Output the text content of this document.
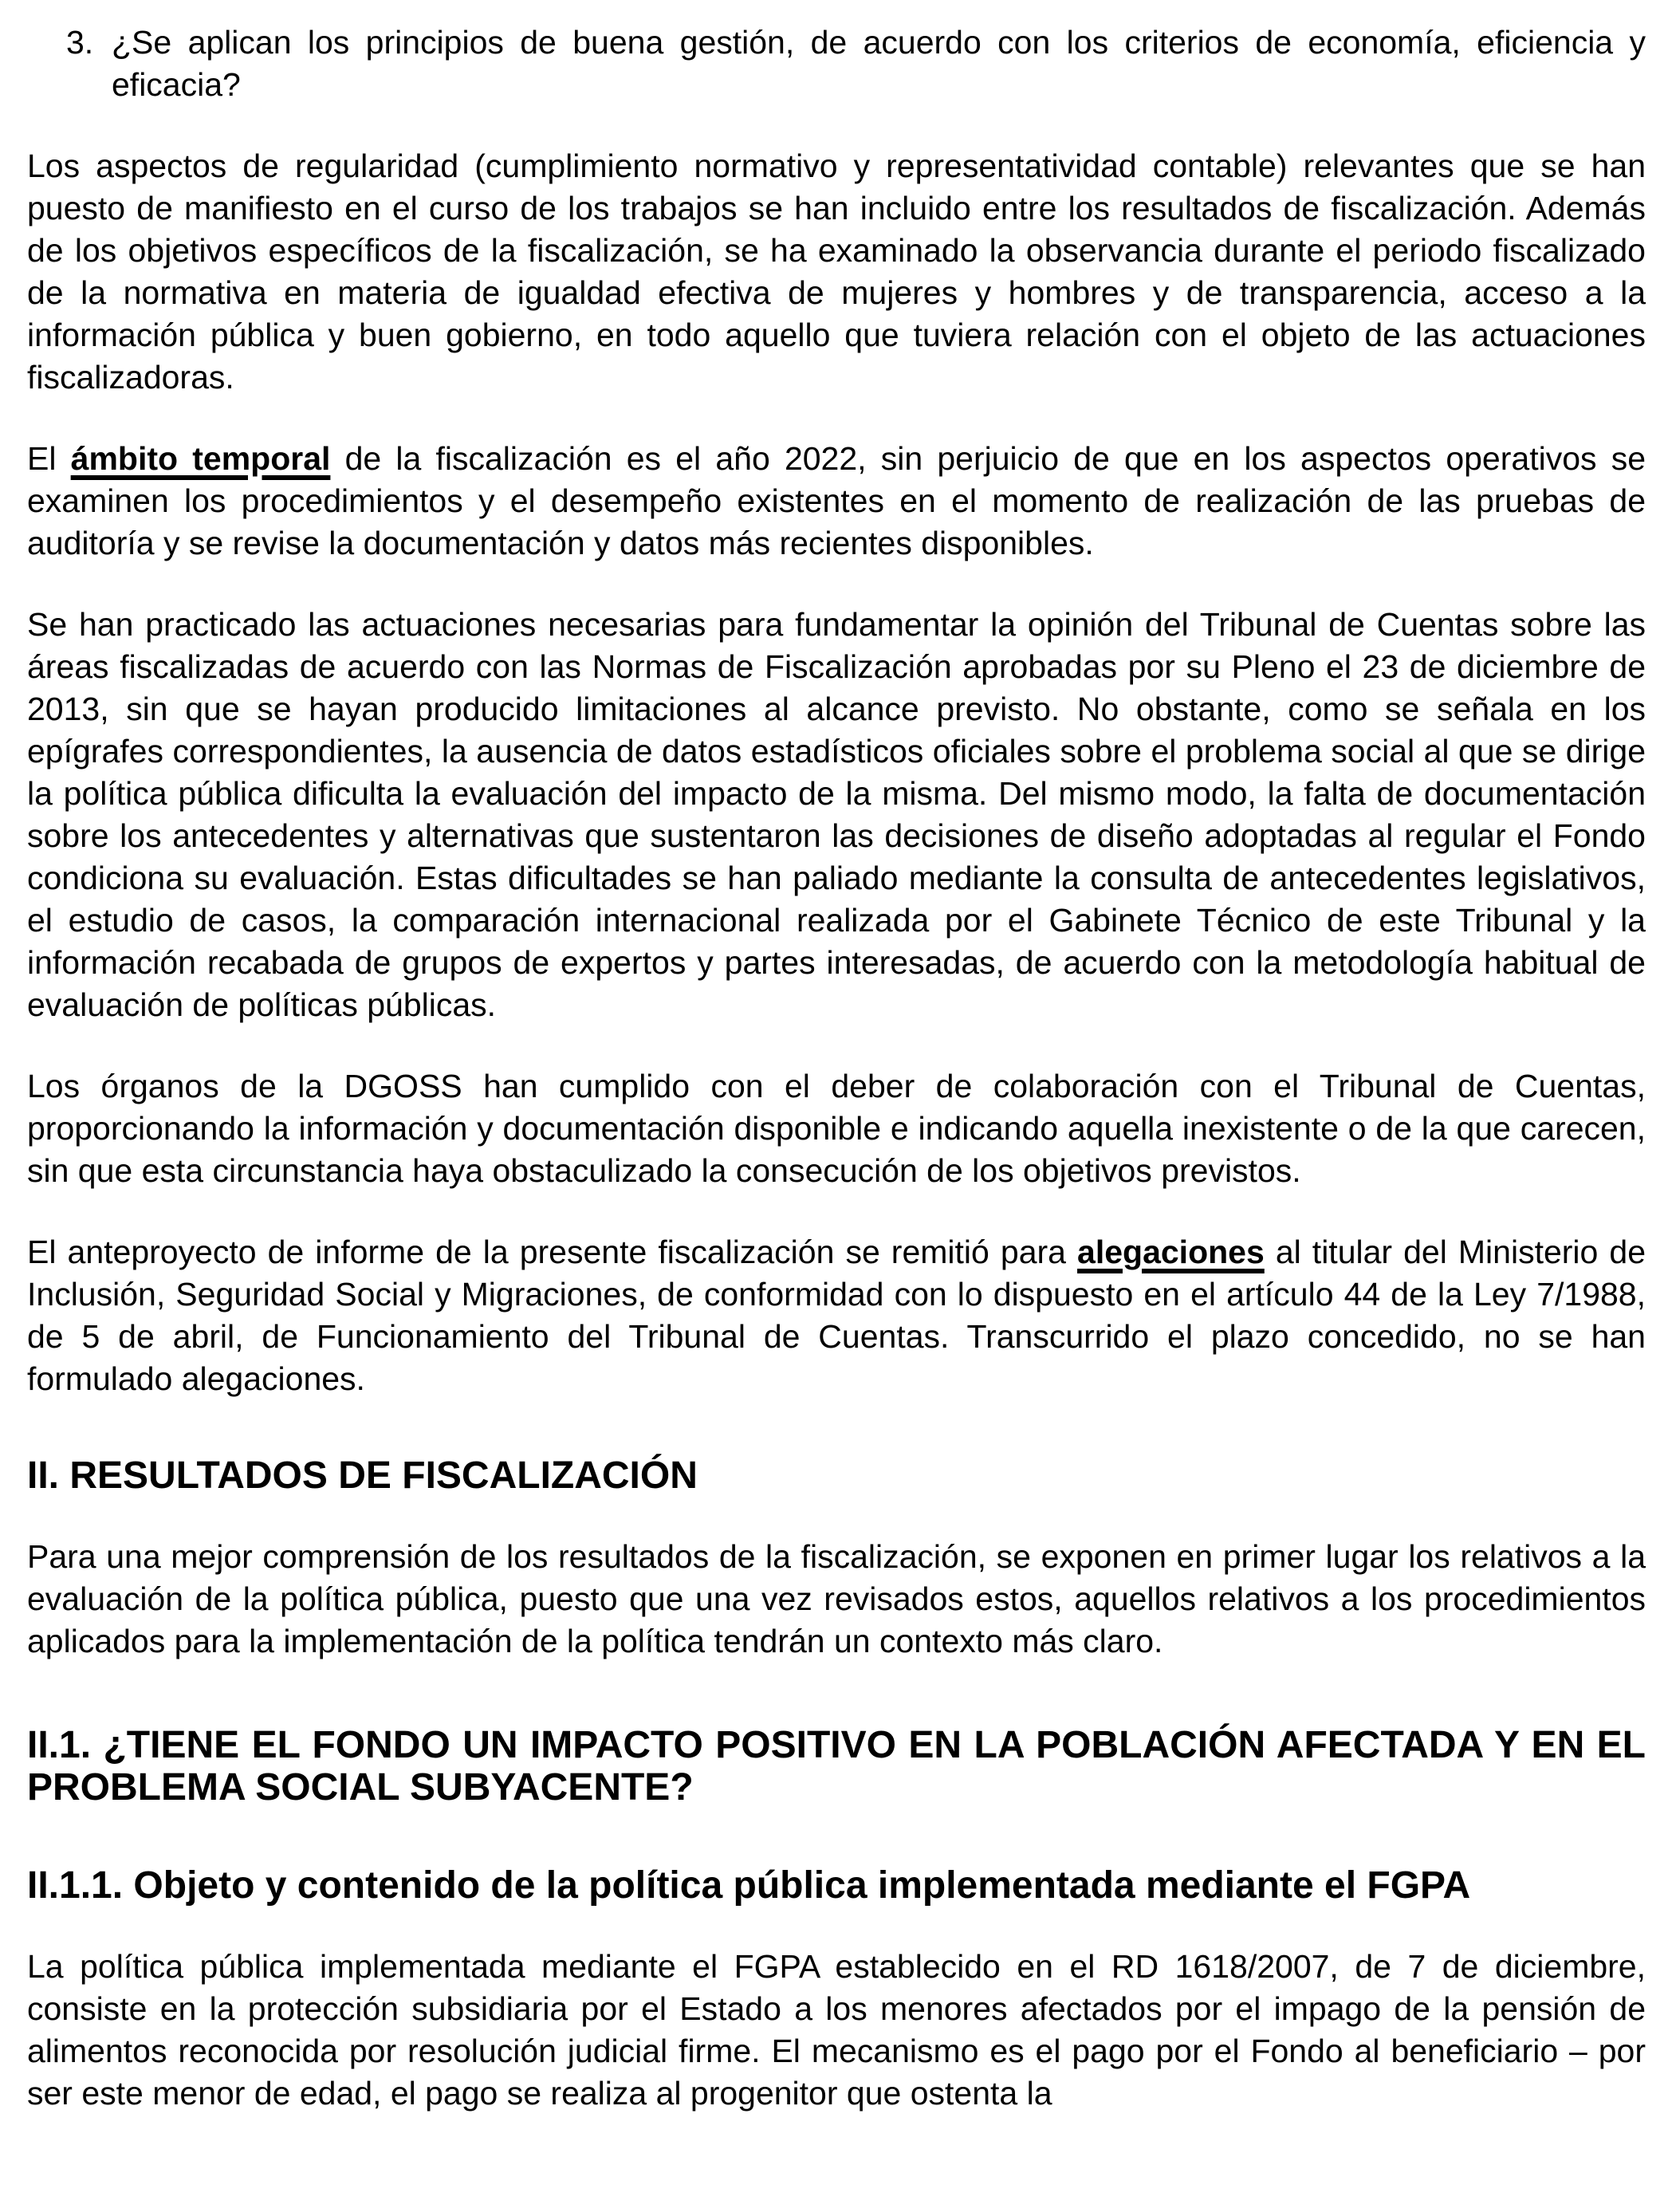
3. ¿Se aplican los principios de buena gestión, de acuerdo con los criterios de economía, eficiencia y eficacia?

Los aspectos de regularidad (cumplimiento normativo y representatividad contable) relevantes que se han puesto de manifiesto en el curso de los trabajos se han incluido entre los resultados de fiscalización. Además de los objetivos específicos de la fiscalización, se ha examinado la observancia durante el periodo fiscalizado de la normativa en materia de igualdad efectiva de mujeres y hombres y de transparencia, acceso a la información pública y buen gobierno, en todo aquello que tuviera relación con el objeto de las actuaciones fiscalizadoras.

El ámbito temporal de la fiscalización es el año 2022, sin perjuicio de que en los aspectos operativos se examinen los procedimientos y el desempeño existentes en el momento de realización de las pruebas de auditoría y se revise la documentación y datos más recientes disponibles.

Se han practicado las actuaciones necesarias para fundamentar la opinión del Tribunal de Cuentas sobre las áreas fiscalizadas de acuerdo con las Normas de Fiscalización aprobadas por su Pleno el 23 de diciembre de 2013, sin que se hayan producido limitaciones al alcance previsto. No obstante, como se señala en los epígrafes correspondientes, la ausencia de datos estadísticos oficiales sobre el problema social al que se dirige la política pública dificulta la evaluación del impacto de la misma. Del mismo modo, la falta de documentación sobre los antecedentes y alternativas que sustentaron las decisiones de diseño adoptadas al regular el Fondo condiciona su evaluación. Estas dificultades se han paliado mediante la consulta de antecedentes legislativos, el estudio de casos, la comparación internacional realizada por el Gabinete Técnico de este Tribunal y la información recabada de grupos de expertos y partes interesadas, de acuerdo con la metodología habitual de evaluación de políticas públicas.

Los órganos de la DGOSS han cumplido con el deber de colaboración con el Tribunal de Cuentas, proporcionando la información y documentación disponible e indicando aquella inexistente o de la que carecen, sin que esta circunstancia haya obstaculizado la consecución de los objetivos previstos.

El anteproyecto de informe de la presente fiscalización se remitió para alegaciones al titular del Ministerio de Inclusión, Seguridad Social y Migraciones, de conformidad con lo dispuesto en el artículo 44 de la Ley 7/1988, de 5 de abril, de Funcionamiento del Tribunal de Cuentas. Transcurrido el plazo concedido, no se han formulado alegaciones.

II. RESULTADOS DE FISCALIZACIÓN

Para una mejor comprensión de los resultados de la fiscalización, se exponen en primer lugar los relativos a la evaluación de la política pública, puesto que una vez revisados estos, aquellos relativos a los procedimientos aplicados para la implementación de la política tendrán un contexto más claro.

II.1. ¿TIENE EL FONDO UN IMPACTO POSITIVO EN LA POBLACIÓN AFECTADA Y EN EL PROBLEMA SOCIAL SUBYACENTE?
II.1.1. Objeto y contenido de la política pública implementada mediante el FGPA

La política pública implementada mediante el FGPA establecido en el RD 1618/2007, de 7 de diciembre, consiste en la protección subsidiaria por el Estado a los menores afectados por el impago de la pensión de alimentos reconocida por resolución judicial firme. El mecanismo es el pago por el Fondo al beneficiario – por ser este menor de edad, el pago se realiza al progenitor que ostenta la
